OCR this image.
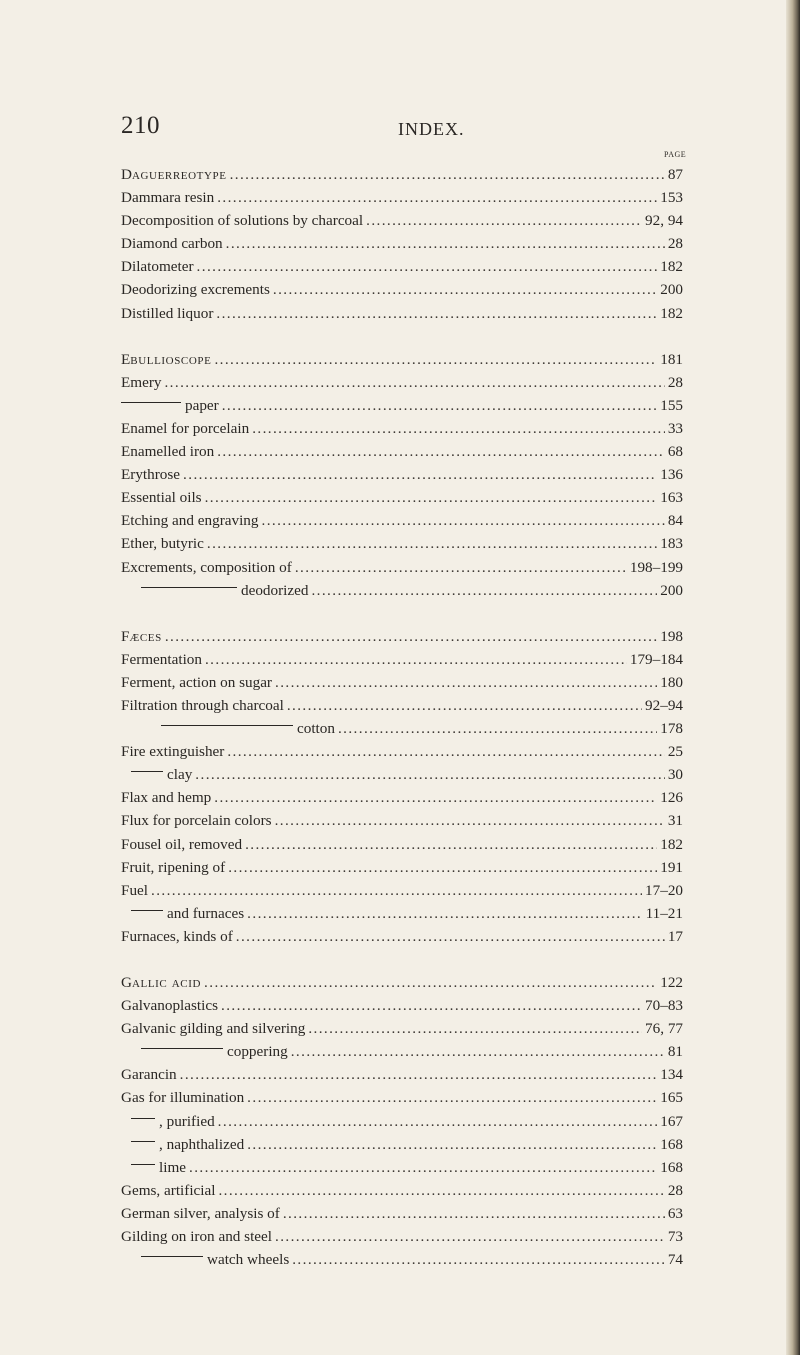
210	INDEX.
PAGE
Daguerreotype .....	87
Dammara resin .....	153
Decomposition of solutions by charcoal .....	92, 94
Diamond carbon .....	28
Dilatometer .....	182
Deodorizing excrements .....	200
Distilled liquor .....	182
Ebullioscope .....	181
Emery .....	28
paper .....	155
Enamel for porcelain .....	33
Enamelled iron .....	68
Erythrose .....	136
Essential oils .....	163
Etching and engraving .....	84
Ether, butyric .....	183
Excrements, composition of .....	198–199
deodorized .....	200
Fæces .....	198
Fermentation .....	179–184
Ferment, action on sugar .....	180
Filtration through charcoal .....	92–94
cotton .....	178
Fire extinguisher .....	25
clay .....	30
Flax and hemp .....	126
Flux for porcelain colors .....	31
Fousel oil, removed .....	182
Fruit, ripening of .....	191
Fuel .....	17–20
and furnaces .....	11–21
Furnaces, kinds of .....	17
Gallic acid .....	122
Galvanoplastics .....	70–83
Galvanic gilding and silvering .....	76, 77
coppering .....	81
Garancin .....	134
Gas for illumination .....	165
, purified .....	167
, naphthalized .....	168
lime .....	168
Gems, artificial .....	28
German silver, analysis of .....	63
Gilding on iron and steel .....	73
watch wheels .....	74
